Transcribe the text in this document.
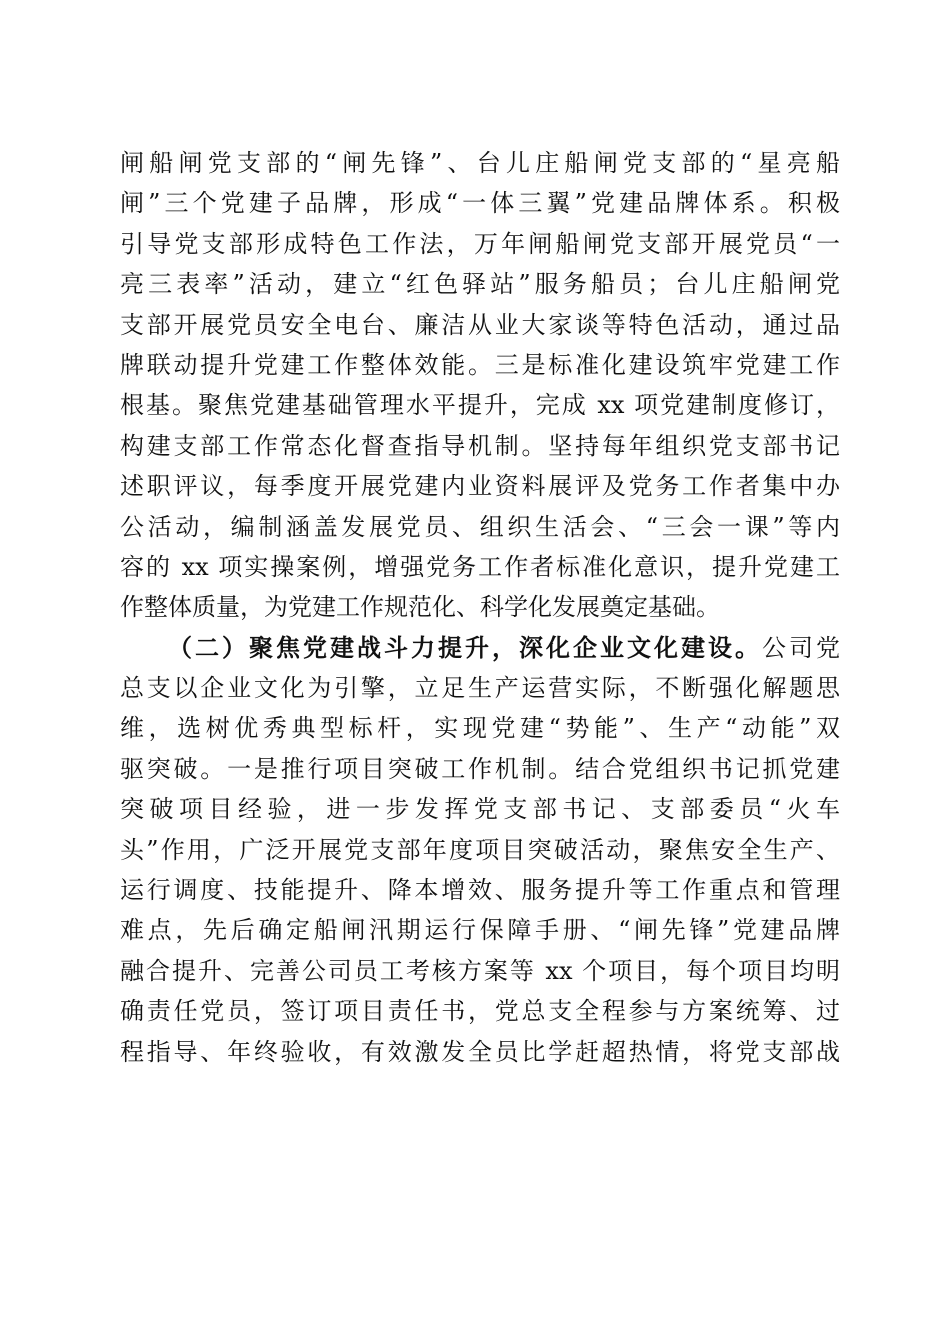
闸船闸党支部的“闸先锋”、台儿庄船闸党支部的“星亮船
闸”三个党建子品牌，形成“一体三翼”党建品牌体系。积极
引导党支部形成特色工作法，万年闸船闸党支部开展党员“一
亮三表率”活动，建立“红色驿站”服务船员；台儿庄船闸党
支部开展党员安全电台、廉洁从业大家谈等特色活动，通过品
牌联动提升党建工作整体效能。三是标准化建设筑牢党建工作
根基。聚焦党建基础管理水平提升，完成 xx 项党建制度修订，
构建支部工作常态化督查指导机制。坚持每年组织党支部书记
述职评议，每季度开展党建内业资料展评及党务工作者集中办
公活动，编制涵盖发展党员、组织生活会、“三会一课”等内
容的 xx 项实操案例，增强党务工作者标准化意识，提升党建工
作整体质量，为党建工作规范化、科学化发展奠定基础。
（二）聚焦党建战斗力提升，深化企业文化建设。公司党
总支以企业文化为引擎，立足生产运营实际，不断强化解题思
维，选树优秀典型标杆，实现党建“势能”、生产“动能”双
驱突破。一是推行项目突破工作机制。结合党组织书记抓党建
突破项目经验，进一步发挥党支部书记、支部委员“火车
头”作用，广泛开展党支部年度项目突破活动，聚焦安全生产、
运行调度、技能提升、降本增效、服务提升等工作重点和管理
难点，先后确定船闸汛期运行保障手册、“闸先锋”党建品牌
融合提升、完善公司员工考核方案等 xx 个项目，每个项目均明
确责任党员，签订项目责任书，党总支全程参与方案统筹、过
程指导、年终验收，有效激发全员比学赶超热情，将党支部战
